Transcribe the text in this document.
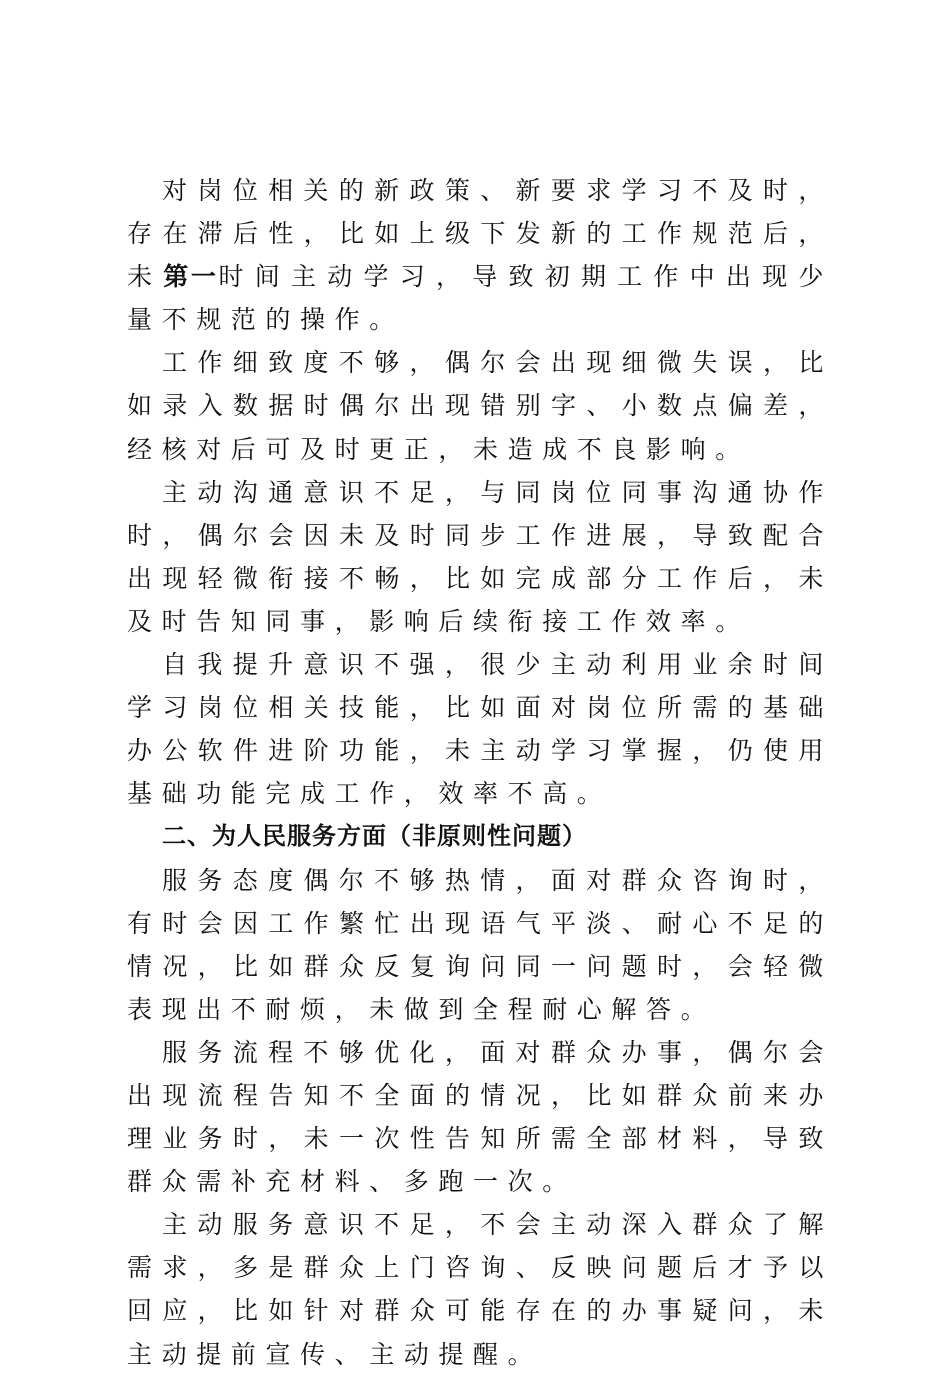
对岗位相关的新政策、新要求学习不及时，存在滞后性，比如上级下发新的工作规范后，未第一时间主动学习，导致初期工作中出现少量不规范的操作。

工作细致度不够，偶尔会出现细微失误，比如录入数据时偶尔出现错别字、小数点偏差，经核对后可及时更正，未造成不良影响。

主动沟通意识不足，与同岗位同事沟通协作时，偶尔会因未及时同步工作进展，导致配合出现轻微衔接不畅，比如完成部分工作后，未及时告知同事，影响后续衔接工作效率。

自我提升意识不强，很少主动利用业余时间学习岗位相关技能，比如面对岗位所需的基础办公软件进阶功能，未主动学习掌握，仍使用基础功能完成工作，效率不高。

二、为人民服务方面（非原则性问题）

服务态度偶尔不够热情，面对群众咨询时，有时会因工作繁忙出现语气平淡、耐心不足的情况，比如群众反复询问同一问题时，会轻微表现出不耐烦，未做到全程耐心解答。

服务流程不够优化，面对群众办事，偶尔会出现流程告知不全面的情况，比如群众前来办理业务时，未一次性告知所需全部材料，导致群众需补充材料、多跑一次。

主动服务意识不足，不会主动深入群众了解需求，多是群众上门咨询、反映问题后才予以回应，比如针对群众可能存在的办事疑问，未主动提前宣传、主动提醒。
